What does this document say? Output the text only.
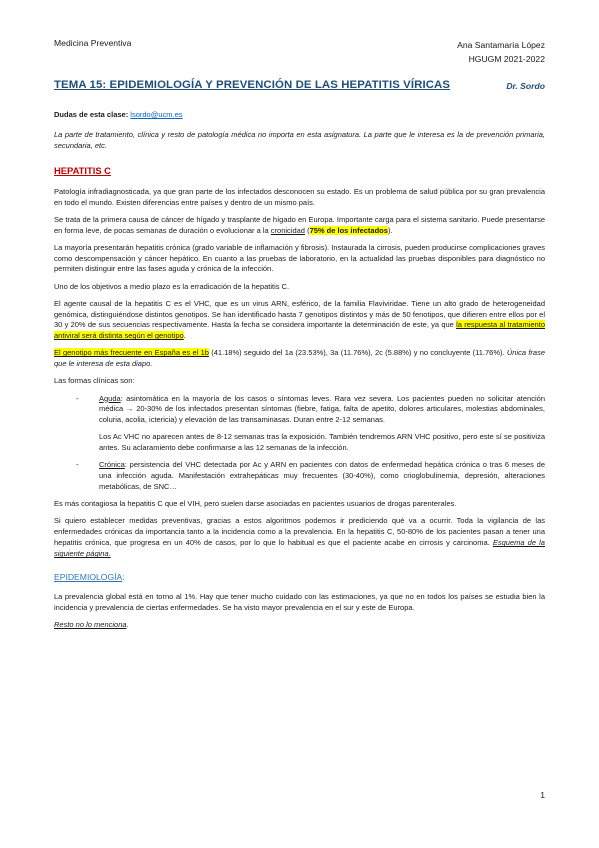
Medicina Preventiva	Ana Santamaría López
HGUGM 2021-2022
TEMA 15: EPIDEMIOLOGÍA Y PREVENCIÓN DE LAS HEPATITIS VÍRICAS	Dr. Sordo

Dudas de esta clase: lsordo@ucm.es

La parte de tratamiento, clínica y resto de patología médica no importa en esta asignatura. La parte que le interesa es la de prevención primaria, secundaria, etc.

HEPATITIS C

Patología infradiagnosticada, ya que gran parte de los infectados desconocen su estado. Es un problema de salud pública por su gran prevalencia en todo el mundo. Existen diferencias entre países y dentro de un mismo país.

Se trata de la primera causa de cáncer de hígado y trasplante de hígado en Europa. Importante carga para el sistema sanitario. Puede presentarse en forma leve, de pocas semanas de duración o evolucionar a la cronicidad (75% de los infectados).

La mayoría presentarán hepatitis crónica (grado variable de inflamación y fibrosis). Instaurada la cirrosis, pueden producirse complicaciones graves como descompensación y cáncer hepático. En cuanto a las pruebas de laboratorio, en la actualidad las pruebas disponibles para diagnóstico no permiten distinguir entre las fases aguda y crónica de la infección.

Uno de los objetivos a medio plazo es la erradicación de la hepatitis C.

El agente causal de la hepatitis C es el VHC, que es un virus ARN, esférico, de la familia Flaviviridae. Tiene un alto grado de heterogeneidad genómica, distinguiéndose distintos genotipos. Se han identificado hasta 7 genotipos distintos y más de 50 fenotipos, que difieren entre ellos por el 30 y 20% de sus secuencias respectivamente. Hasta la fecha se considera importante la determinación de este, ya que la respuesta al tratamiento antiviral será distinta según el genotipo.

El genotipo más frecuente en España es el 1b (41.18%) seguido del 1a (23.53%), 3a (11.76%), 2c (5.88%) y no concluyente (11.76%). Única frase que le interesa de esta diapo.

Las formas clínicas son:

-	Aguda: asintomática en la mayoría de los casos o síntomas leves. Rara vez severa. Los pacientes pueden no solicitar atención médica → 20-30% de los infectados presentan síntomas (fiebre, fatiga, falta de apetito, dolores articulares, molestias abdominales, coluria, acolia, ictericia) y elevación de las transaminasas. Duran entre 2-12 semanas.

Los Ac VHC no aparecen antes de 8-12 semanas tras la exposición. También tendremos ARN VHC positivo, pero este sí se positiviza antes. Su aclaramiento debe confirmarse a las 12 semanas de la infección.

-	Crónica: persistencia del VHC detectada por Ac y ARN en pacientes con datos de enfermedad hepática crónica o tras 6 meses de una infección aguda. Manifestación extrahepáticas muy frecuentes (30-40%), como crioglobulinemia, depresión, alteraciones metabólicas, de SNC…

Es más contagiosa la hepatitis C que el VIH, pero suelen darse asociadas en pacientes usuarios de drogas parenterales.

Si quiero establecer medidas preventivas, gracias a estos algoritmos podemos ir prediciendo qué va a ocurrir. Toda la vigilancia de las enfermedades crónicas da importancia tanto a la incidencia como a la prevalencia. En la hepatitis C, 50-80% de los pacientes pasan a tener una hepatitis crónica, que progresa en un 40% de casos, por lo que lo habitual es que el paciente acabe en cirrosis y carcinoma. Esquema de la siguiente página.

EPIDEMIOLOGÍA:

La prevalencia global está en torno al 1%. Hay que tener mucho cuidado con las estimaciones, ya que no en todos los países se estudia bien la incidencia y prevalencia de ciertas enfermedades. Se ha visto mayor prevalencia en el sur y este de Europa.

Resto no lo menciona.

1
